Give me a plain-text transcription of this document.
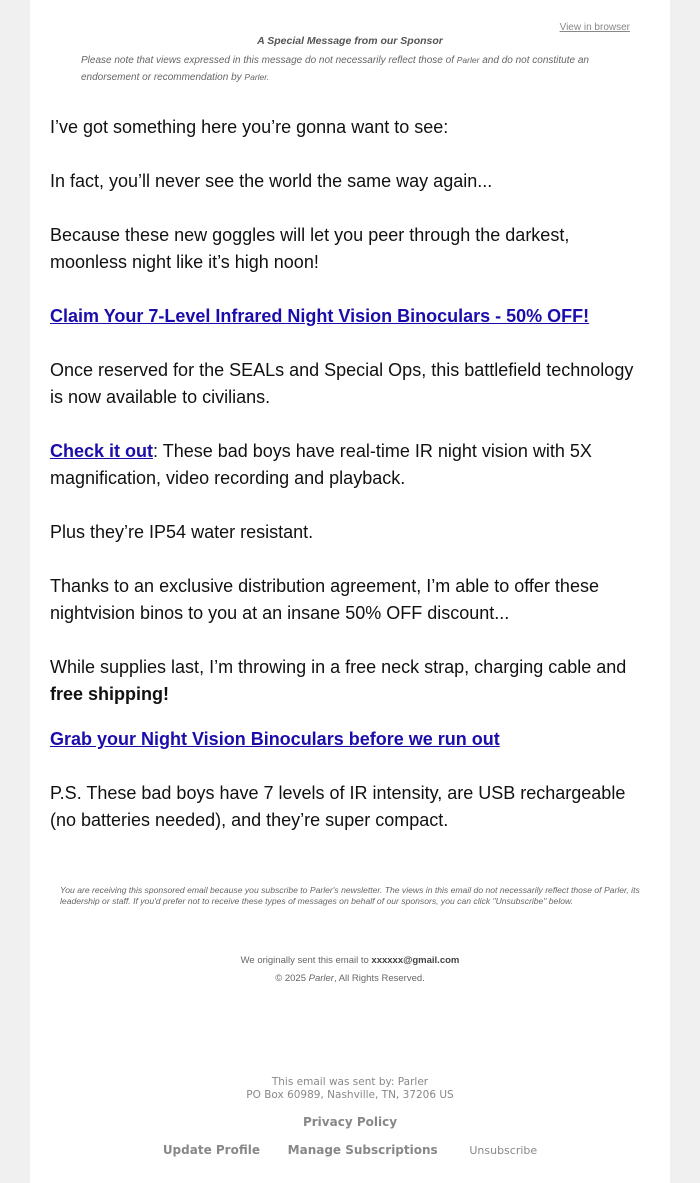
View in browser
A Special Message from our Sponsor
Please note that views expressed in this message do not necessarily reflect those of Parler and do not constitute an endorsement or recommendation by Parler.

I’ve got something here you’re gonna want to see:

In fact, you’ll never see the world the same way again...

Because these new goggles will let you peer through the darkest, moonless night like it’s high noon!

Claim Your 7-Level Infrared Night Vision Binoculars - 50% OFF!

Once reserved for the SEALs and Special Ops, this battlefield technology is now available to civilians.

Check it out: These bad boys have real-time IR night vision with 5X magnification, video recording and playback.

Plus they’re IP54 water resistant.

Thanks to an exclusive distribution agreement, I’m able to offer these nightvision binos to you at an insane 50% OFF discount...

While supplies last, I’m throwing in a free neck strap, charging cable and free shipping!

Grab your Night Vision Binoculars before we run out

P.S. These bad boys have 7 levels of IR intensity, are USB rechargeable (no batteries needed), and they’re super compact.

You are receiving this sponsored email because you subscribe to Parler's newsletter. The views in this email do not necessarily reflect those of Parler, its leadership or staff. If you'd prefer not to receive these types of messages on behalf of our sponsors, you can click "Unsubscribe" below.
We originally sent this email to xxxxxx@gmail.com
© 2025 Parler, All Rights Reserved.
This email was sent by: Parler
PO Box 60989, Nashville, TN, 37206 US
Privacy Policy
Update Profile Manage Subscriptions	Unsubscribe
